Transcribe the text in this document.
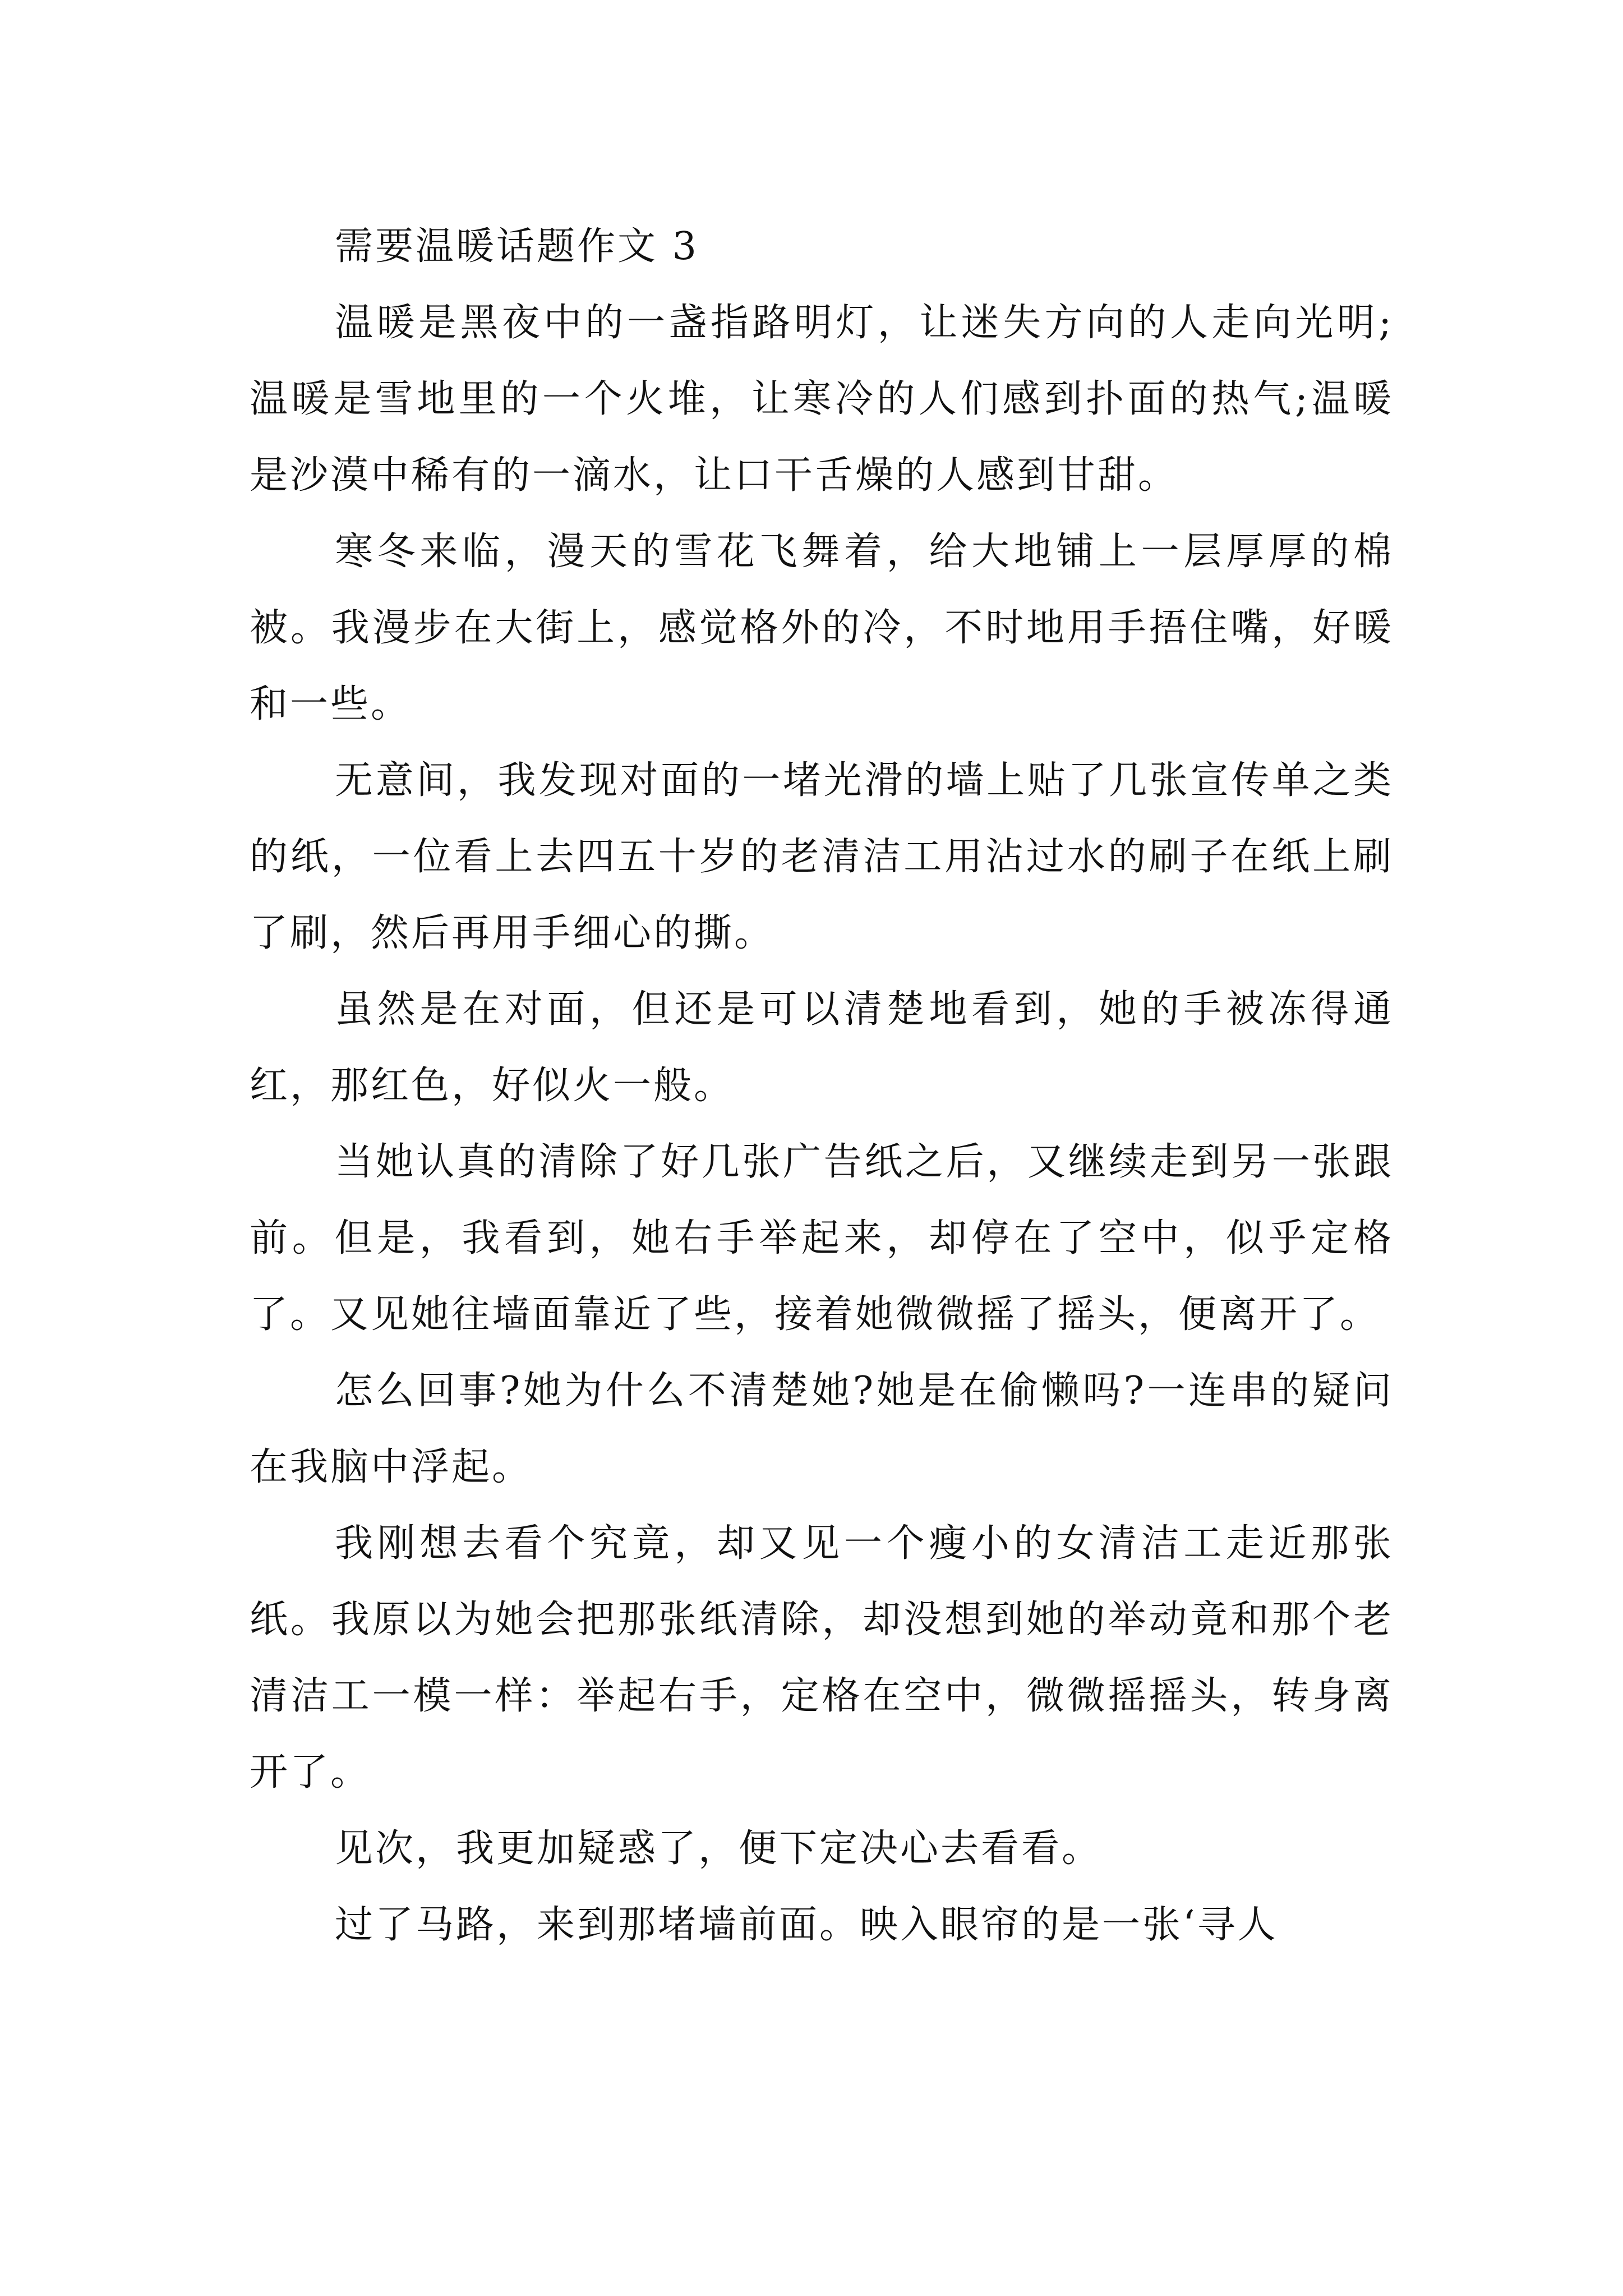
需要温暖话题作文 3

温暖是黑夜中的一盏指路明灯，让迷失方向的人走向光明;温暖是雪地里的一个火堆，让寒冷的人们感到扑面的热气;温暖是沙漠中稀有的一滴水，让口干舌燥的人感到甘甜。

寒冬来临，漫天的雪花飞舞着，给大地铺上一层厚厚的棉被。我漫步在大街上，感觉格外的冷，不时地用手捂住嘴，好暖和一些。

无意间，我发现对面的一堵光滑的墙上贴了几张宣传单之类的纸，一位看上去四五十岁的老清洁工用沾过水的刷子在纸上刷了刷，然后再用手细心的撕。

虽然是在对面，但还是可以清楚地看到，她的手被冻得通红，那红色，好似火一般。

当她认真的清除了好几张广告纸之后，又继续走到另一张跟前。但是，我看到，她右手举起来，却停在了空中，似乎定格了。又见她往墙面靠近了些，接着她微微摇了摇头，便离开了。

怎么回事?她为什么不清楚她?她是在偷懒吗?一连串的疑问在我脑中浮起。

我刚想去看个究竟，却又见一个瘦小的女清洁工走近那张纸。我原以为她会把那张纸清除，却没想到她的举动竟和那个老清洁工一模一样：举起右手，定格在空中，微微摇摇头，转身离开了。

见次，我更加疑惑了，便下定决心去看看。

过了马路，来到那堵墙前面。映入眼帘的是一张‘寻人
